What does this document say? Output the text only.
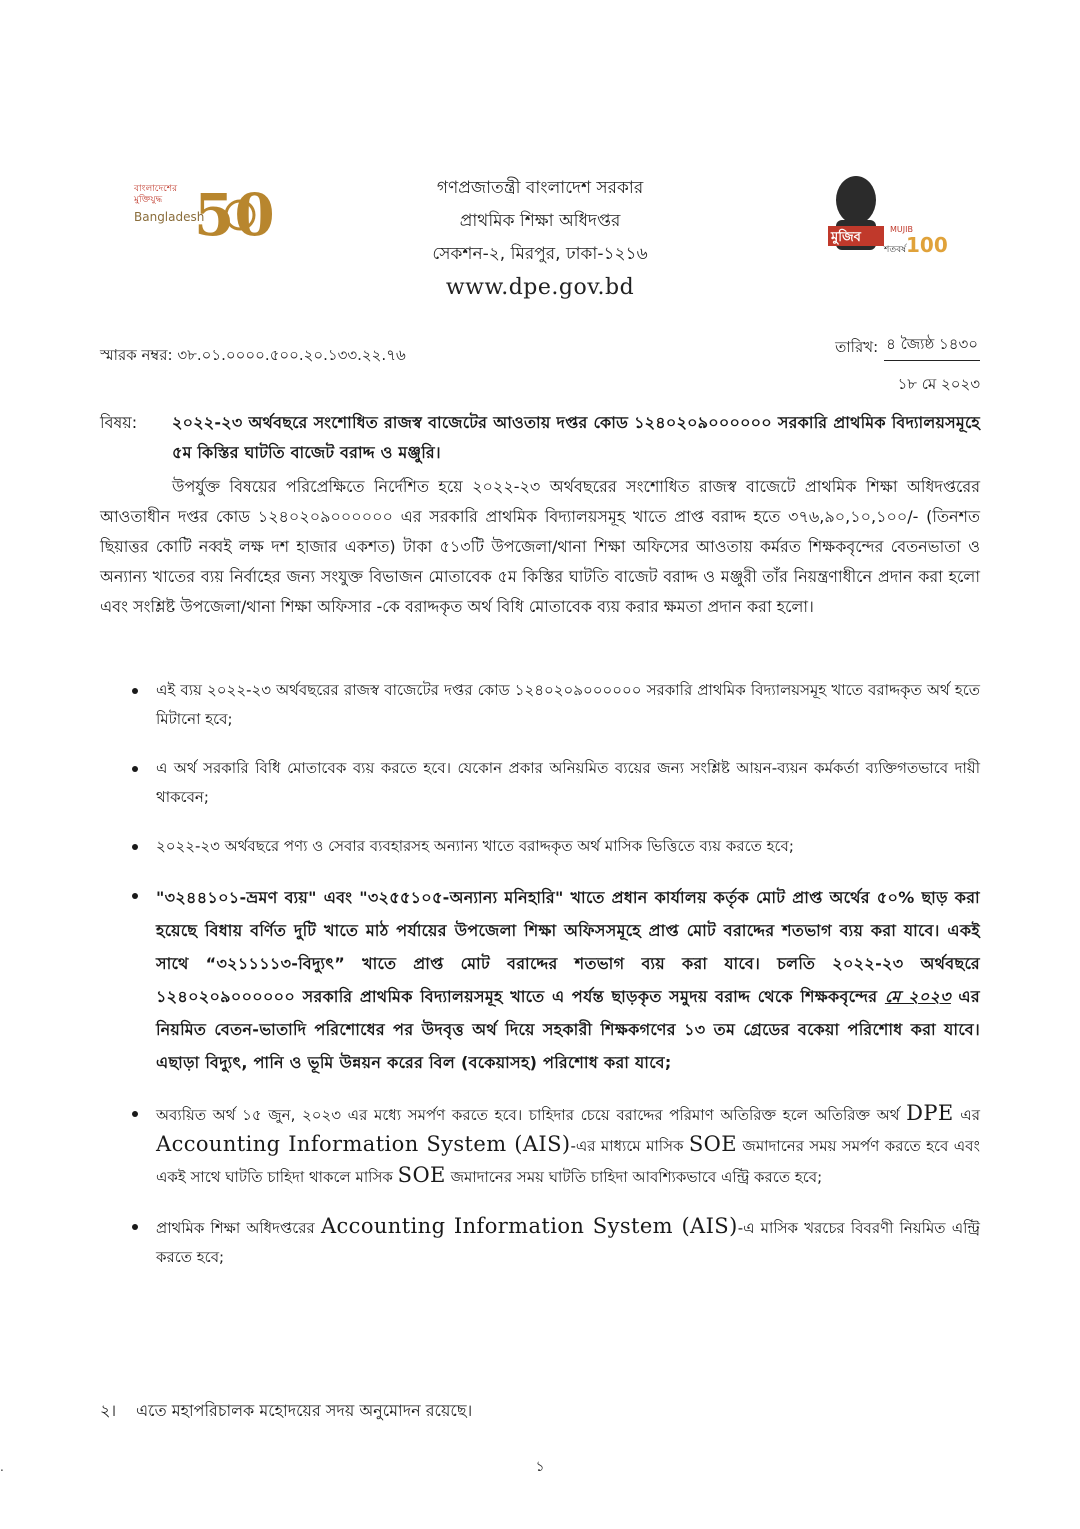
বাংলাদেশের
মুক্তিযুদ্ধ
Bangladesh
50	গণপ্রজাতন্ত্রী বাংলাদেশ সরকার
প্রাথমিক শিক্ষা অধিদপ্তর
সেকশন-২, মিরপুর, ঢাকা-১২১৬
www.dpe.gov.bd
মুজিব
MUJIB
শতবর্ষ 100
স্মারক নম্বর: ৩৮.০১.০০০০.৫০০.২০.১৩৩.২২.৭৬	তারিখ: ৪ জ্যৈষ্ঠ ১৪৩০
১৮ মে ২০২৩
বিষয়:	২০২২-২৩ অর্থবছরে সংশোধিত রাজস্ব বাজেটের আওতায় দপ্তর কোড ১২৪০২০৯০০০০০০ সরকারি প্রাথমিক বিদ্যালয়সমূহে ৫ম কিস্তির ঘাটতি বাজেট বরাদ্দ ও মঞ্জুরি।
উপর্যুক্ত বিষয়ের পরিপ্রেক্ষিতে নির্দেশিত হয়ে ২০২২-২৩ অর্থবছরের সংশোধিত রাজস্ব বাজেটে প্রাথমিক শিক্ষা অধিদপ্তরের আওতাধীন দপ্তর কোড ১২৪০২০৯০০০০০০ এর সরকারি প্রাথমিক বিদ্যালয়সমূহ খাতে প্রাপ্ত বরাদ্দ হতে ৩৭৬,৯০,১০,১০০/- (তিনশত ছিয়াত্তর কোটি নব্বই লক্ষ দশ হাজার একশত) টাকা ৫১৩টি উপজেলা/থানা শিক্ষা অফিসের আওতায় কর্মরত শিক্ষকবৃন্দের বেতনভাতা ও অন্যান্য খাতের ব্যয় নির্বাহের জন্য সংযুক্ত বিভাজন মোতাবেক ৫ম কিস্তির ঘাটতি বাজেট বরাদ্দ ও মঞ্জুরী তাঁর নিয়ন্ত্রণাধীনে প্রদান করা হলো এবং সংশ্লিষ্ট উপজেলা/থানা শিক্ষা অফিসার -কে বরাদ্দকৃত অর্থ বিধি মোতাবেক ব্যয় করার ক্ষমতা প্রদান করা হলো।
এই ব্যয় ২০২২-২৩ অর্থবছরের রাজস্ব বাজেটের দপ্তর কোড ১২৪০২০৯০০০০০০ সরকারি প্রাথমিক বিদ্যালয়সমূহ খাতে বরাদ্দকৃত অর্থ হতে মিটানো হবে;
এ অর্থ সরকারি বিধি মোতাবেক ব্যয় করতে হবে। যেকোন প্রকার অনিয়মিত ব্যয়ের জন্য সংশ্লিষ্ট আয়ন-ব্যয়ন কর্মকর্তা ব্যক্তিগতভাবে দায়ী থাকবেন;
২০২২-২৩ অর্থবছরে পণ্য ও সেবার ব্যবহারসহ অন্যান্য খাতে বরাদ্দকৃত অর্থ মাসিক ভিত্তিতে ব্যয় করতে হবে;
"৩২৪৪১০১-ভ্রমণ ব্যয়" এবং "৩২৫৫১০৫-অন্যান্য মনিহারি" খাতে প্রধান কার্যালয় কর্তৃক মোট প্রাপ্ত অর্থের ৫০% ছাড় করা হয়েছে বিধায় বর্ণিত দুটি খাতে মাঠ পর্যায়ের উপজেলা শিক্ষা অফিসসমূহে প্রাপ্ত মোট বরাদ্দের শতভাগ ব্যয় করা যাবে। একই সাথে “৩২১১১১৩-বিদ্যুৎ” খাতে প্রাপ্ত মোট বরাদ্দের শতভাগ ব্যয় করা যাবে। চলতি ২০২২-২৩ অর্থবছরে ১২৪০২০৯০০০০০০ সরকারি প্রাথমিক বিদ্যালয়সমূহ খাতে এ পর্যন্ত ছাড়কৃত সমুদয় বরাদ্দ থেকে শিক্ষকবৃন্দের মে ২০২৩ এর নিয়মিত বেতন-ভাতাদি পরিশোধের পর উদবৃত্ত অর্থ দিয়ে সহকারী শিক্ষকগণের ১৩ তম গ্রেডের বকেয়া পরিশোধ করা যাবে। এছাড়া বিদ্যুৎ, পানি ও ভূমি উন্নয়ন করের বিল (বকেয়াসহ) পরিশোধ করা যাবে;
অব্যয়িত অর্থ ১৫ জুন, ২০২৩ এর মধ্যে সমর্পণ করতে হবে। চাহিদার চেয়ে বরাদ্দের পরিমাণ অতিরিক্ত হলে অতিরিক্ত অর্থ DPE এর Accounting Information System (AIS)-এর মাধ্যমে মাসিক SOE জমাদানের সময় সমর্পণ করতে হবে এবং একই সাথে ঘাটতি চাহিদা থাকলে মাসিক SOE জমাদানের সময় ঘাটতি চাহিদা আবশ্যিকভাবে এন্ট্রি করতে হবে;
প্রাথমিক শিক্ষা অধিদপ্তরের Accounting Information System (AIS)-এ মাসিক খরচের বিবরণী নিয়মিত এন্ট্রি করতে হবে;
২।	এতে মহাপরিচালক মহোদয়ের সদয় অনুমোদন রয়েছে।
.	১
